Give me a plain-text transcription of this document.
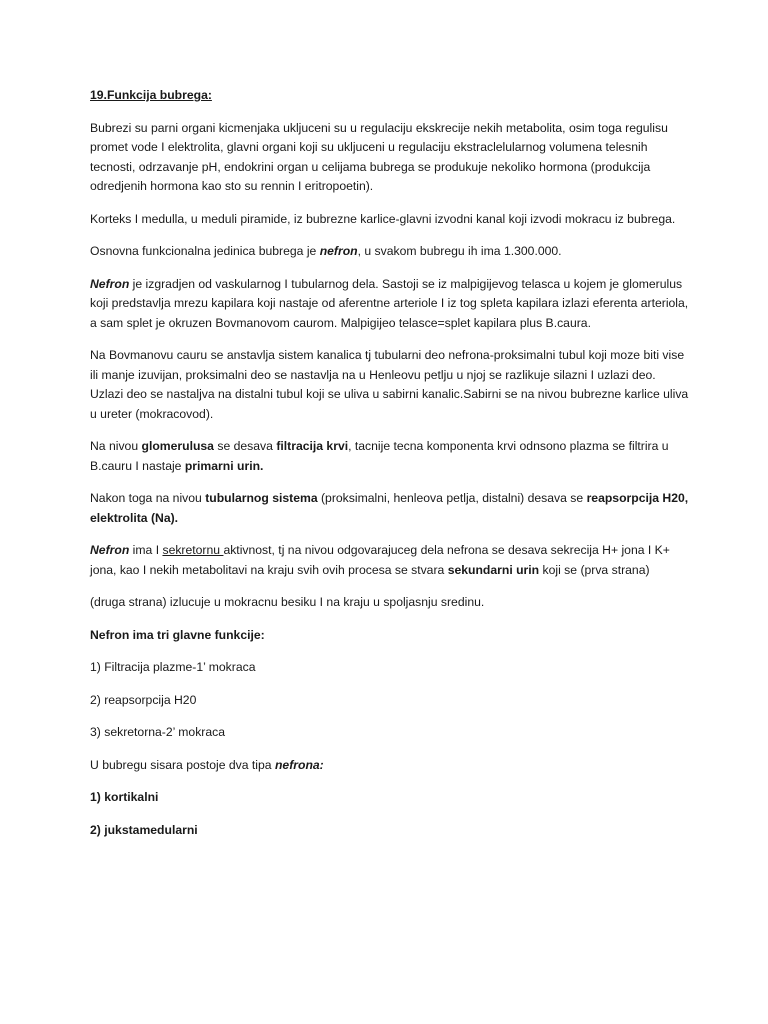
19.Funkcija bubrega:

Bubrezi su parni organi kicmenjaka ukljuceni su u regulaciju ekskrecije nekih metabolita, osim toga regulisu promet vode I elektrolita, glavni organi koji su ukljuceni u regulaciju ekstraclelularnog volumena telesnih tecnosti, odrzavanje pH, endokrini organ u celijama bubrega se produkuje nekoliko hormona (produkcija odredjenih hormona kao sto su rennin I eritropoetin).

Korteks I medulla, u meduli piramide, iz bubrezne karlice-glavni izvodni kanal koji izvodi mokracu iz bubrega.

Osnovna funkcionalna jedinica bubrega je nefron, u svakom bubregu ih ima 1.300.000.

Nefron je izgradjen od vaskularnog I tubularnog dela. Sastoji se iz malpigijevog telasca u kojem je glomerulus koji predstavlja mrezu kapilara koji nastaje od aferentne arteriole I iz tog spleta kapilara izlazi eferenta arteriola, a sam splet je okruzen Bovmanovom caurom. Malpigijeo telasce=splet kapilara plus B.caura.

Na Bovmanovu cauru se anstavlja sistem kanalica tj tubularni deo nefrona-proksimalni tubul koji moze biti vise ili manje izuvijan, proksimalni deo se nastavlja na u Henleovu petlju u njoj se razlikuje silazni I uzlazi deo. Uzlazi deo se nastaljva na distalni tubul koji se uliva u sabirni kanalic.Sabirni se na nivou bubrezne karlice uliva u ureter (mokracovod).

Na nivou glomerulusa se desava filtracija krvi, tacnije tecna komponenta krvi odnsono plazma se filtrira u B.cauru I nastaje primarni urin.

Nakon toga na nivou tubularnog sistema (proksimalni, henleova petlja, distalni) desava se reapsorpcija H20, elektrolita (Na).

Nefron ima I sekretornu aktivnost, tj na nivou odgovarajuceg dela nefrona se desava sekrecija H+ jona I K+ jona, kao I nekih metabolitavi na kraju svih ovih procesa se stvara sekundarni urin koji se (prva strana)

(druga strana) izlucuje u mokracnu besiku I na kraju u spoljasnju sredinu.

Nefron ima tri glavne funkcije:

1) Filtracija plazme-1’ mokraca

2) reapsorpcija H20

3) sekretorna-2’ mokraca

U bubregu sisara postoje dva tipa nefrona:

1) kortikalni

2) jukstamedularni
